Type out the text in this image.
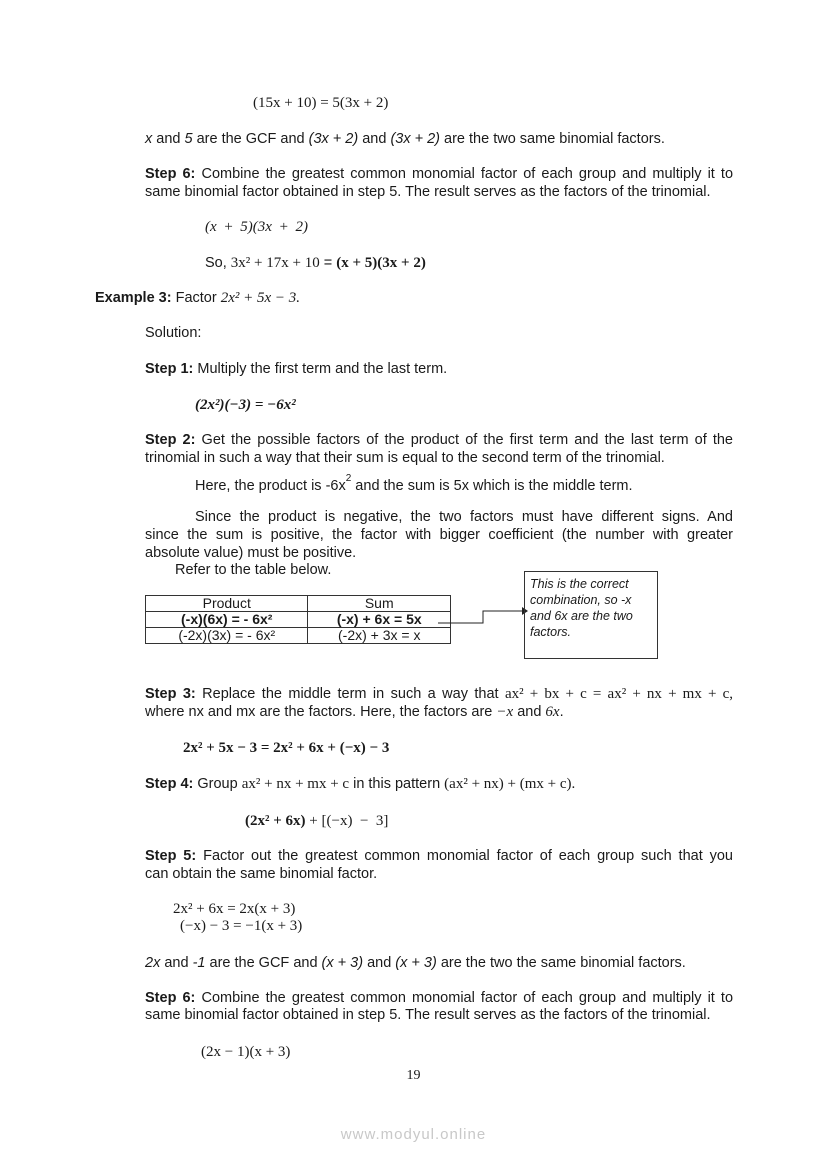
(15x + 10) = 5(3x + 2)
x and 5 are the GCF and (3x + 2) and (3x + 2) are the two same binomial factors.
Step 6: Combine the greatest common monomial factor of each group and multiply it to
same binomial factor obtained in step 5. The result serves as the factors of the trinomial.
(x + 5)(3x + 2)
So, 3x² + 17x + 10 = (x + 5)(3x + 2)
Example 3: Factor 2x² + 5x − 3.
Solution:
Step 1: Multiply the first term and the last term.
(2x²)(−3) = −6x²
Step 2: Get the possible factors of the product of the first term and the last term of the
trinomial in such a way that their sum is equal to the second term of the trinomial.
Here, the product is $-6x^2$ and the sum is 5x which is the middle term.
Since the product is negative, the two factors must have different signs. And
since the sum is positive, the factor with bigger coefficient (the number with greater
absolute value) must be positive.
Refer to the table below.
Product	Sum
(-x)(6x) = - 6x²	(-x) + 6x = 5x
(-2x)(3x) = - 6x²	(-2x) + 3x = x
This is the correct combination, so -x and 6x are the two factors.
Step 3: Replace the middle term in such a way that ax² + bx + c = ax² + nx + mx + c,
where nx and mx are the factors. Here, the factors are −x and 6x.
2x² + 5x − 3 = 2x² + 6x + (−x) − 3
Step 4: Group ax² + nx + mx + c in this pattern (ax² + nx) + (mx + c).
(2x² + 6x) + [(−x)  −  3]
Step 5: Factor out the greatest common monomial factor of each group such that you
can obtain the same binomial factor.
2x² + 6x = 2x(x + 3)
(−x) − 3 = −1(x + 3)
2x and -1 are the GCF and (x + 3) and (x + 3) are the two the same binomial factors.
Step 6: Combine the greatest common monomial factor of each group and multiply it to
same binomial factor obtained in step 5. The result serves as the factors of the trinomial.
(2x − 1)(x + 3)
19
www.modyul.online
